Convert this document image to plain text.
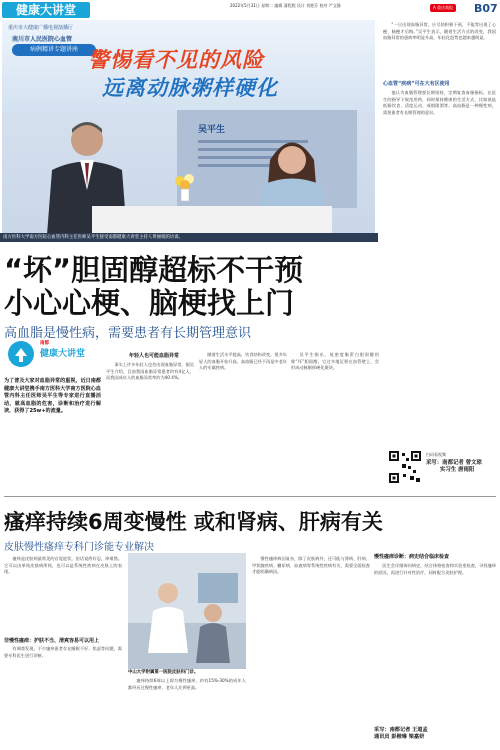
健康大讲堂	2022年5月31日 星期二 编辑 蒲程熙 设计 刘艳芬 校对 严文静	A 重庆商报 B07
重庆市大健康广播电视演播厅
南川市人民医院心血管
病例精讲专题讲座 警惕看不见的风险
远离动脉粥样硬化
吴平生
南方医科大学南方医院心血管内科主任医师吴平生接受南都健康大讲堂主持人黄丽娟的访谈。

“一旦出现血脂异常，应尽快积极干预，不能等出现了心梗、脑梗才后悔。”吴平生表示，随着生活方式的改变，我国血脂异常的患病率明显升高，年轻化趋势也越来越明显。

心血管“疾病”可在大有区使用

他认为血脂管理要长期坚持，定期复查血脂指标，在医生的指导下规范用药，同时保持健康的生活方式，比如低盐低脂饮食、适度运动、戒烟限酒等。高血脂是一种慢性病，需要患者有长期管理的意识。

“坏”胆固醇超标不干预
小心心梗、脑梗找上门
高血脂是慢性病，需要患者有长期管理意识
南都
健康大讲堂
为了普及大家对血脂异常的重视，近日南都健康大讲堂携手南方医科大学南方医院心血管内科主任医师吴平生等专家进行直播活动，就高血脂的危害，诊断和治疗进行解读，获得了25w+的流量。
年轻人也可能血脂异常

事实上许多年轻人也会出现血脂异常，据吴平生介绍，目前我国血脂异常患者约有4亿人，而我国成年人的血脂异常率约为40.4%。

随着生活水平提高，饮食结构改变，很多年轻人的血脂开始升高，高血脂已经不再是中老年人的专属疾病。

吴平生指出，低密度脂蛋白胆固醇俗称“坏”胆固醇，它过多地沉积在血管壁上，会形成动脉粥样硬化斑块。

扫码看视频
采写：南都记者 曾文琼
实习生 唐雨阳
瘙痒持续6周变慢性 或和肾病、肝病有关
皮肤慢性瘙痒专科门诊能专业解决

瘙痒是皮肤病最常见的自觉症状，俗话说疼好忍，痒难熬。它可以由单纯皮肤病所致，也可以是系统性疾病在皮肤上的表现。

非慢性瘙痒：护肤不当、清爽容易可以用上

有调查发现，不少瘙痒患者存在睡眠不好、焦虑等问题，需要专科医生进行诊断。

中山大学附属第一医院皮肤科门诊。

瘙痒持续6周以上即为慢性瘙痒，约有15%-30%的成年人都经历过慢性瘙痒，老年人比例更高。

慢性瘙痒病因复杂，除了皮肤病外，还可能与肾病、肝病、甲状腺疾病、糖尿病、血液病等系统性疾病有关，需要全面检查才能明确病因。

慢性瘙痒诊断：病史结合临床检查

医生会详细询问病史，结合体格检查和实验室检查，寻找瘙痒的原因，再进行针对性治疗，同时配合皮肤护理。

采写：南都记者 王道孟
通讯员 彭楷琳 梁嘉妍
